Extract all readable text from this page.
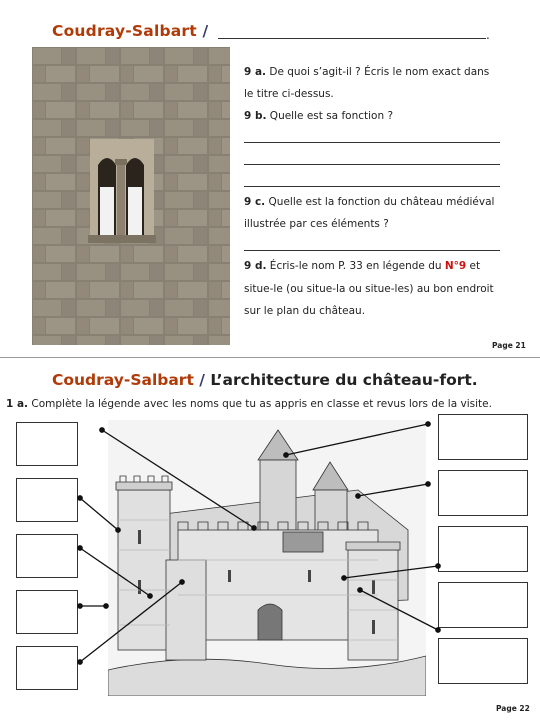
Coudray-Salbart /	.
9 a. De quoi s’agit-il ? Écris le nom exact dans
le titre ci-dessus.
9 b. Quelle est sa fonction ?
9 c. Quelle est la fonction du château médiéval
illustrée par ces éléments ?
9 d. Écris-le nom P. 33 en légende du N°9 et
situe-le (ou situe-la ou situe-les) au bon endroit
sur le plan du château.
Page 21
Coudray-Salbart / L’architecture du château-fort.
1 a. Complète la légende avec les noms que tu as appris en classe et revus lors de la visite.
Page 22
